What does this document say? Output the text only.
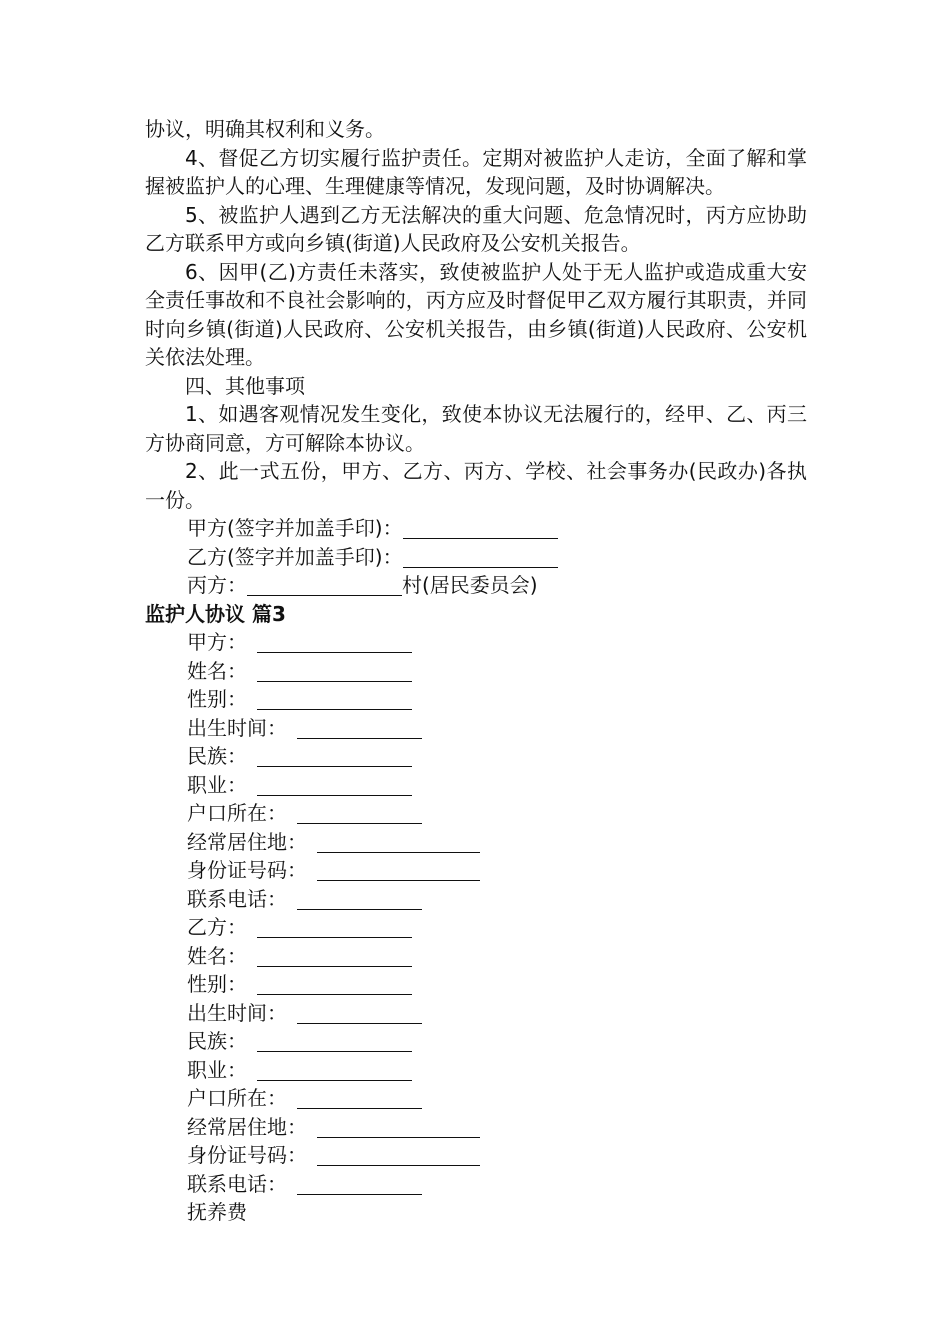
协议，明确其权利和义务。

4、督促乙方切实履行监护责任。定期对被监护人走访，全面了解和掌握被监护人的心理、生理健康等情况，发现问题，及时协调解决。

5、被监护人遇到乙方无法解决的重大问题、危急情况时，丙方应协助乙方联系甲方或向乡镇(街道)人民政府及公安机关报告。

6、因甲(乙)方责任未落实，致使被监护人处于无人监护或造成重大安全责任事故和不良社会影响的，丙方应及时督促甲乙双方履行其职责，并同时向乡镇(街道)人民政府、公安机关报告，由乡镇(街道)人民政府、公安机关依法处理。

四、其他事项

1、如遇客观情况发生变化，致使本协议无法履行的，经甲、乙、丙三方协商同意，方可解除本协议。

2、此一式五份，甲方、乙方、丙方、学校、社会事务办(民政办)各执一份。

甲方(签字并加盖手印)：

乙方(签字并加盖手印)：

丙方：	村(居民委员会)

监护人协议 篇3

甲方：

姓名：

性别：

出生时间：

民族：

职业：

户口所在：

经常居住地：

身份证号码：

联系电话：

乙方：

姓名：

性别：

出生时间：

民族：

职业：

户口所在：

经常居住地：

身份证号码：

联系电话：

抚养费
